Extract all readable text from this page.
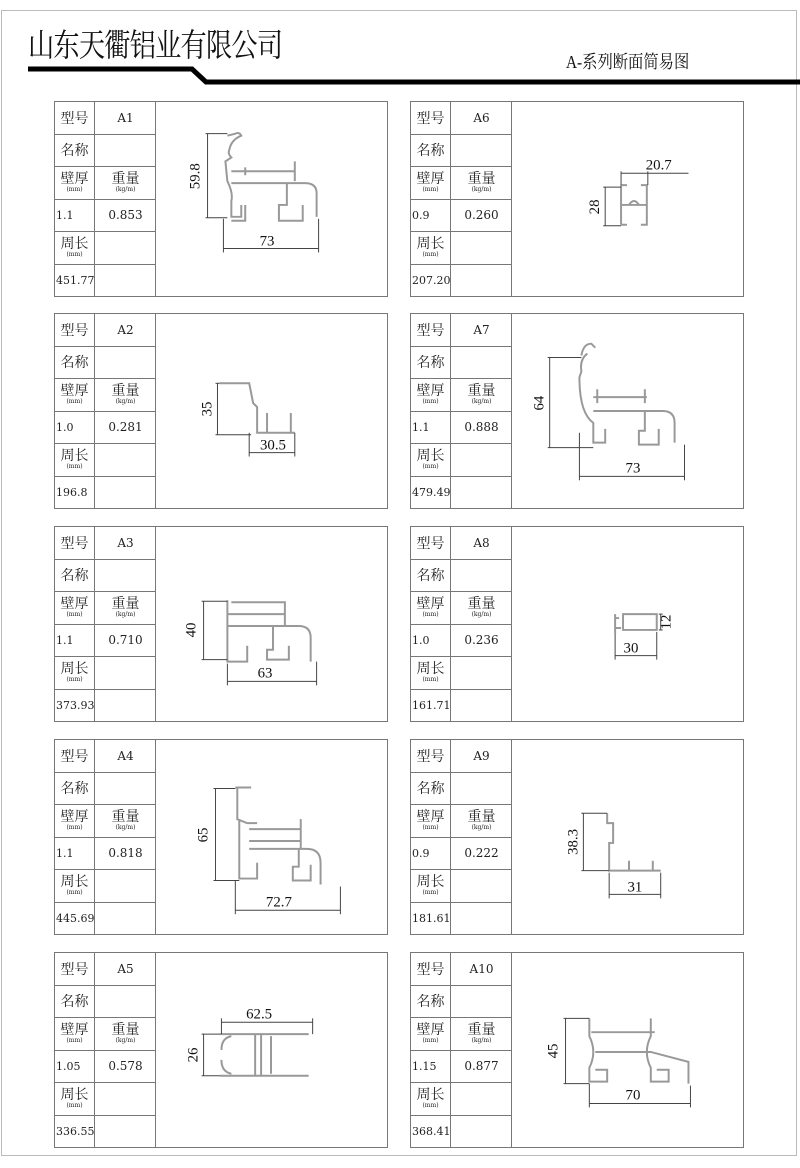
山东天衢铝业有限公司	A-系列断面简易图
型号	A1
名称
壁厚
(mm)
重量
(kg/m)
1.1	0.853
周长
(mm)
451.77
59.8
73
型号	A6
名称
壁厚
(mm)
重量
(kg/m)
0.9	0.260
周长
(mm)
207.20
28
20.7
型号	A2
名称
壁厚
(mm)
重量
(kg/m)
1.0	0.281
周长
(mm)
196.8
35
30.5
型号	A7
名称
壁厚
(mm)
重量
(kg/m)
1.1	0.888
周长
(mm)
479.49
64
73
型号	A3
名称
壁厚
(mm)
重量
(kg/m)
1.1	0.710
周长
(mm)
373.93
40
63
型号	A8
名称
壁厚
(mm)
重量
(kg/m)
1.0	0.236
周长
(mm)
161.71
12
30
型号	A4
名称
壁厚
(mm)
重量
(kg/m)
1.1	0.818
周长
(mm)
445.69
65
72.7
型号	A9
名称
壁厚
(mm)
重量
(kg/m)
0.9	0.222
周长
(mm)
181.61
38.3
31
型号	A5
名称
壁厚
(mm)
重量
(kg/m)
1.05	0.578
周长
(mm)
336.55
26
62.5
型号	A10
名称
壁厚
(mm)
重量
(kg/m)
1.15	0.877
周长
(mm)
368.41
45
70
